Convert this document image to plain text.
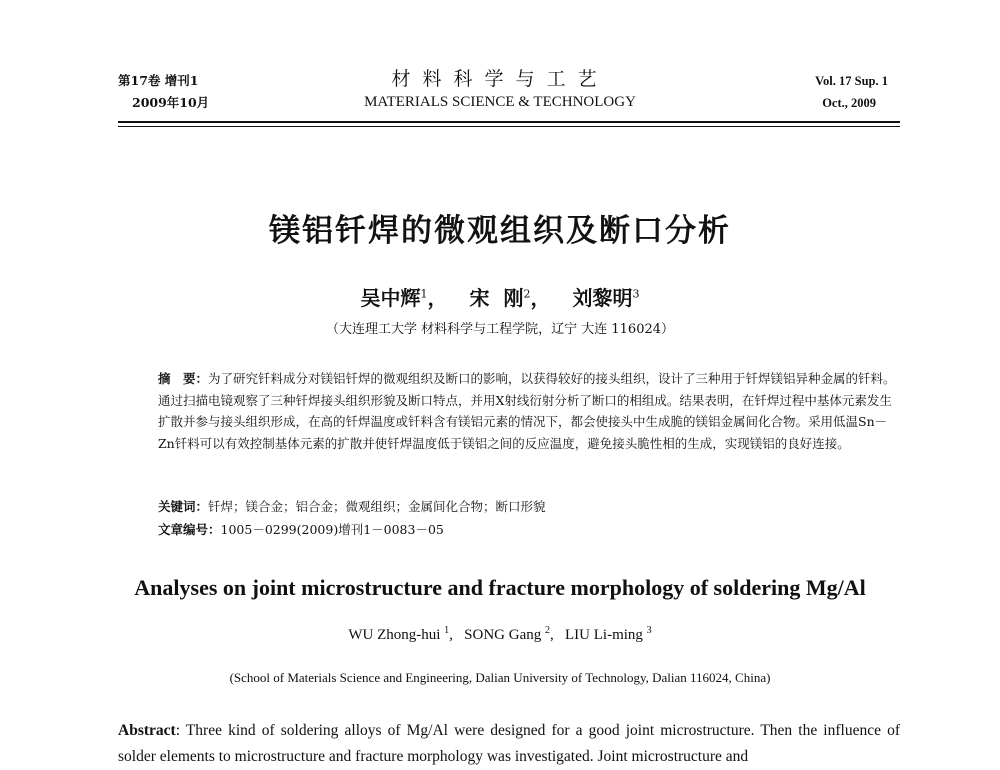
第17卷 增刊1
2009年10月
材料科学与工艺
MATERIALS SCIENCE & TECHNOLOGY
Vol. 17 Sup. 1
Oct., 2009
镁铝钎焊的微观组织及断口分析
吴中辉$^1$， 宋  刚$^2$， 刘黎明$^3$
（大连理工大学 材料科学与工程学院，辽宁 大连 116024）

摘　要：为了研究钎料成分对镁铝钎焊的微观组织及断口的影响，以获得较好的接头组织，设计了三种用于钎焊镁铝异种金属的钎料。通过扫描电镜观察了三种钎焊接头组织形貌及断口特点，并用X射线衍射分析了断口的相组成。结果表明，在钎焊过程中基体元素发生扩散并参与接头组织形成，在高的钎焊温度或钎料含有镁铝元素的情况下，都会使接头中生成脆的镁铝金属间化合物。采用低温Sn－Zn钎料可以有效控制基体元素的扩散并使钎焊温度低于镁铝之间的反应温度，避免接头脆性相的生成，实现镁铝的良好连接。

关键词：钎焊；镁合金；铝合金；微观组织；金属间化合物；断口形貌
文章编号：1005－0299(2009)增刊1－0083－05
Analyses on joint microstructure and fracture morphology of soldering Mg/Al
WU Zhong-hui $^1$, SONG Gang $^2$, LIU Li-ming $^3$
(School of Materials Science and Engineering, Dalian University of Technology, Dalian 116024, China)
Abstract: Three kind of soldering alloys of Mg/Al were designed for a good joint microstructure. Then the influence of solder elements to microstructure and fracture morphology was investigated. Joint microstructure and
